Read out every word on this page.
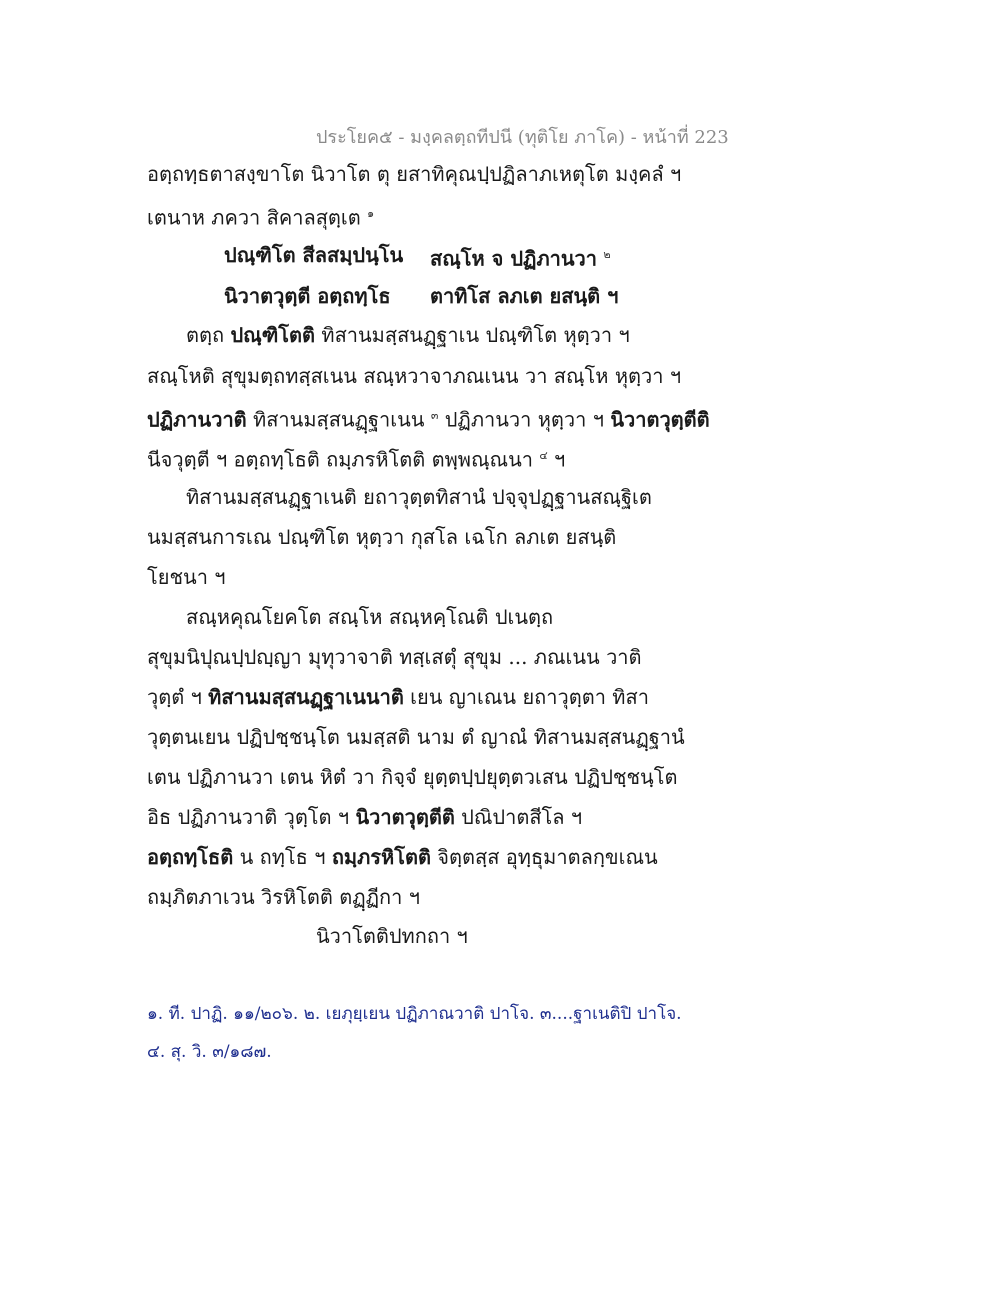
ประโยค๕ - มงฺคลตฺถทีปนี (ทุติโย ภาโค) - หน้าที่ 223
อตฺถทฺธตาสงฺขาโต นิวาโต ตุ ยสาทิคุณปฺปฏิลาภเหตุโต มงฺคลํ ฯ
เตนาห ภควา สิคาลสุตฺเต $^๑$
ปณฺฑิโต สีลสมฺปนฺโน สณฺโห จ ปฏิภานวา $^๒$
นิวาตวุตฺตี อตฺถทฺโธ ตาทิโส ลภเต ยสนฺติ ฯ
ตตฺถ ปณฺฑิโตติ ทิสานมสฺสนฏฺฐาเน ปณฺฑิโต หุตฺวา ฯ
สณฺโหติ สุขุมตฺถทสฺสเนน สณฺหวาจาภณเนน วา สณฺโห หุตฺวา ฯ
ปฏิภานวาติ ทิสานมสฺสนฏฺฐาเนน $^๓$ ปฏิภานวา หุตฺวา ฯ นิวาตวุตฺตีติ
นีจวุตฺตี ฯ อตฺถทฺโธติ ถมฺภรหิโตติ ตพฺพณฺณนา $^๔$ ฯ
ทิสานมสฺสนฏฺฐาเนติ ยถาวุตฺตทิสานํ ปจฺจุปฏฺฐานสณฺฐิเต
นมสฺสนการเณ ปณฺฑิโต หุตฺวา กุสโล เฉโก ลภเต ยสนฺติ
โยชนา ฯ
สณฺหคุณโยคโต สณฺโห สณฺหคฺโณติ ปเนตฺถ
สุขุมนิปุณปฺปญฺญา มุทุวาจาติ ทสฺเสตุํ สุขุม ... ภณเนน วาติ
วุตฺตํ ฯ ทิสานมสฺสนฏฺฐาเนนาติ เยน ญาเณน ยถาวุตฺตา ทิสา
วุตฺตนเยน ปฏิปชฺชนฺโต นมสฺสติ นาม ตํ ญาณํ ทิสานมสฺสนฏฺฐานํ
เตน ปฏิภานวา เตน หิตํ วา กิจฺจํ ยุตฺตปฺปยุตฺตวเสน ปฏิปชฺชนฺโต
อิธ ปฏิภานวาติ วุตฺโต ฯ นิวาตวุตฺตีติ ปณิปาตสีโล ฯ
อตฺถทฺโธติ น ถทฺโธ ฯ ถมฺภรหิโตติ จิตฺตสฺส อุทฺธุมาตลกฺขเณน
ถมฺภิตภาเวน วิรหิโตติ ตฏฺฏีกา ฯ
นิวาโตติปทกถา ฯ
๑. ที. ปาฏิ. ๑๑/๒๐๖. ๒. เยภุยฺเยน ปฏิภาณวาติ ปาโจ. ๓....ฐาเนติปิ ปาโจ.
๔. สุ. วิ. ๓/๑๘๗.
